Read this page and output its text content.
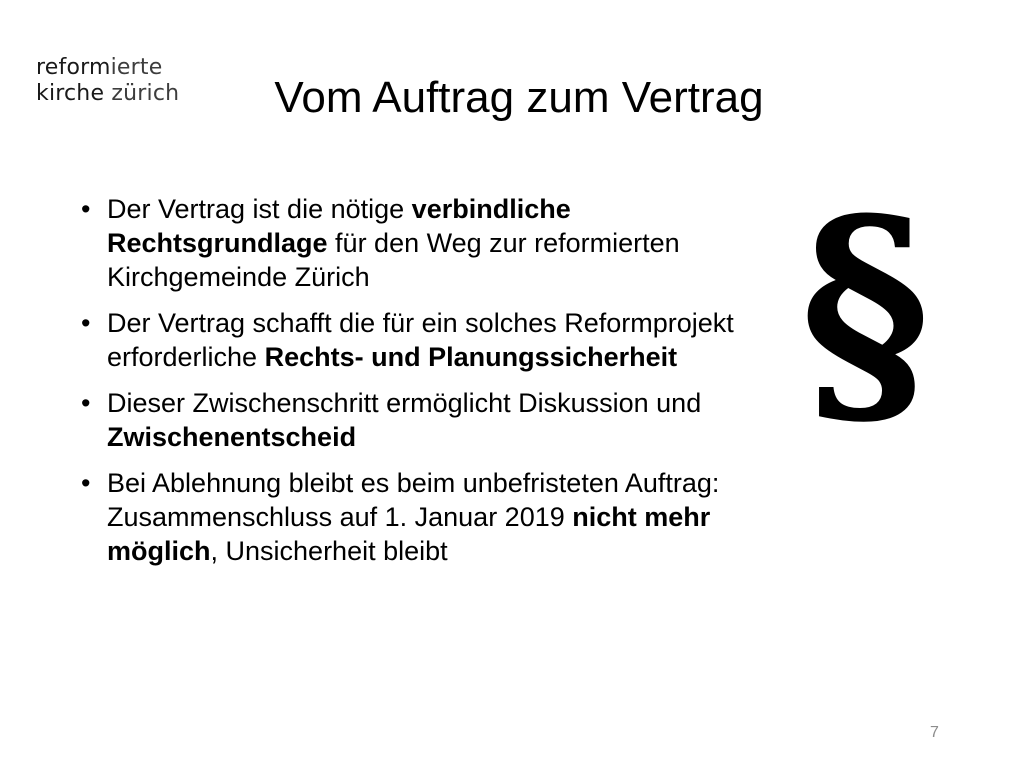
reformierte
kirche zürich	Vom Auftrag zum Vertrag
• Der Vertrag ist die nötige verbindliche Rechtsgrundlage für den Weg zur reformierten Kirchgemeinde Zürich
• Der Vertrag schafft die für ein solches Reformprojekt erforderliche Rechts- und Planungssicherheit
• Dieser Zwischenschritt ermöglicht Diskussion und Zwischenentscheid
• Bei Ablehnung bleibt es beim unbefristeten Auftrag: Zusammenschluss auf 1. Januar 2019 nicht mehr möglich, Unsicherheit bleibt
§
7
